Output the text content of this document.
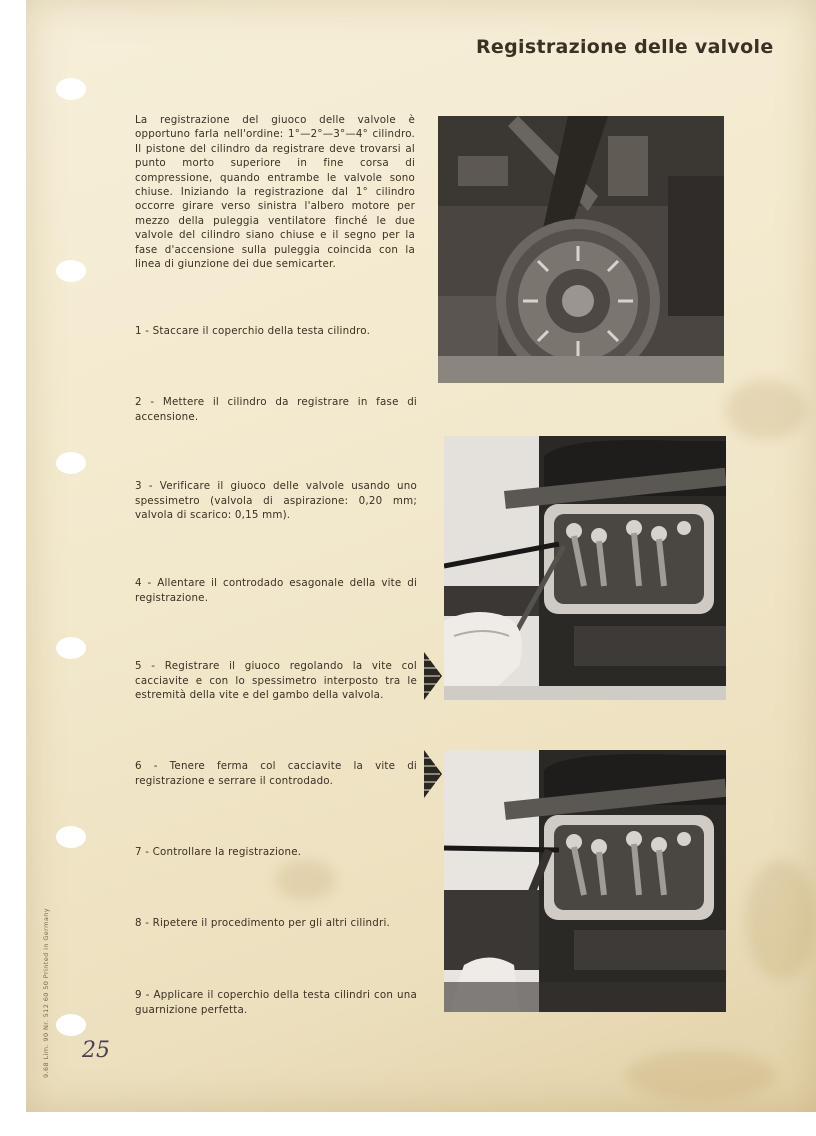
Registrazione delle valvole
La registrazione del giuoco delle valvole è opportuno farla nell'ordine: 1°—2°—3°—4° cilindro. Il pistone del cilindro da registrare deve trovarsi al punto morto superiore in fine corsa di compressione, quando entrambe le valvole sono chiuse. Iniziando la registrazione dal 1° cilindro occorre girare verso sinistra l'albero motore per mezzo della puleggia ventilatore finché le due valvole del cilindro siano chiuse e il segno per la fase d'accensione sulla puleggia coincida con la linea di giunzione dei due semicarter.
1 - Staccare il coperchio della testa cilindro.
2 - Mettere il cilindro da registrare in fase di accensione.
3 - Verificare il giuoco delle valvole usando uno spessimetro (valvola di aspirazione: 0,20 mm; valvola di scarico: 0,15 mm).
4 - Allentare il controdado esagonale della vite di registrazione.
5 - Registrare il giuoco regolando la vite col cacciavite e con lo spessimetro interposto tra le estremità della vite e del gambo della valvola.
6 - Tenere ferma col cacciavite la vite di registrazione e serrare il controdado.
7 - Controllare la registrazione.
8 - Ripetere il procedimento per gli altri cilindri.
9 - Applicare il coperchio della testa cilindri con una guarnizione perfetta.
9.68 Lim. 90 Nr. 512 60 50 Printed in Germany 25
